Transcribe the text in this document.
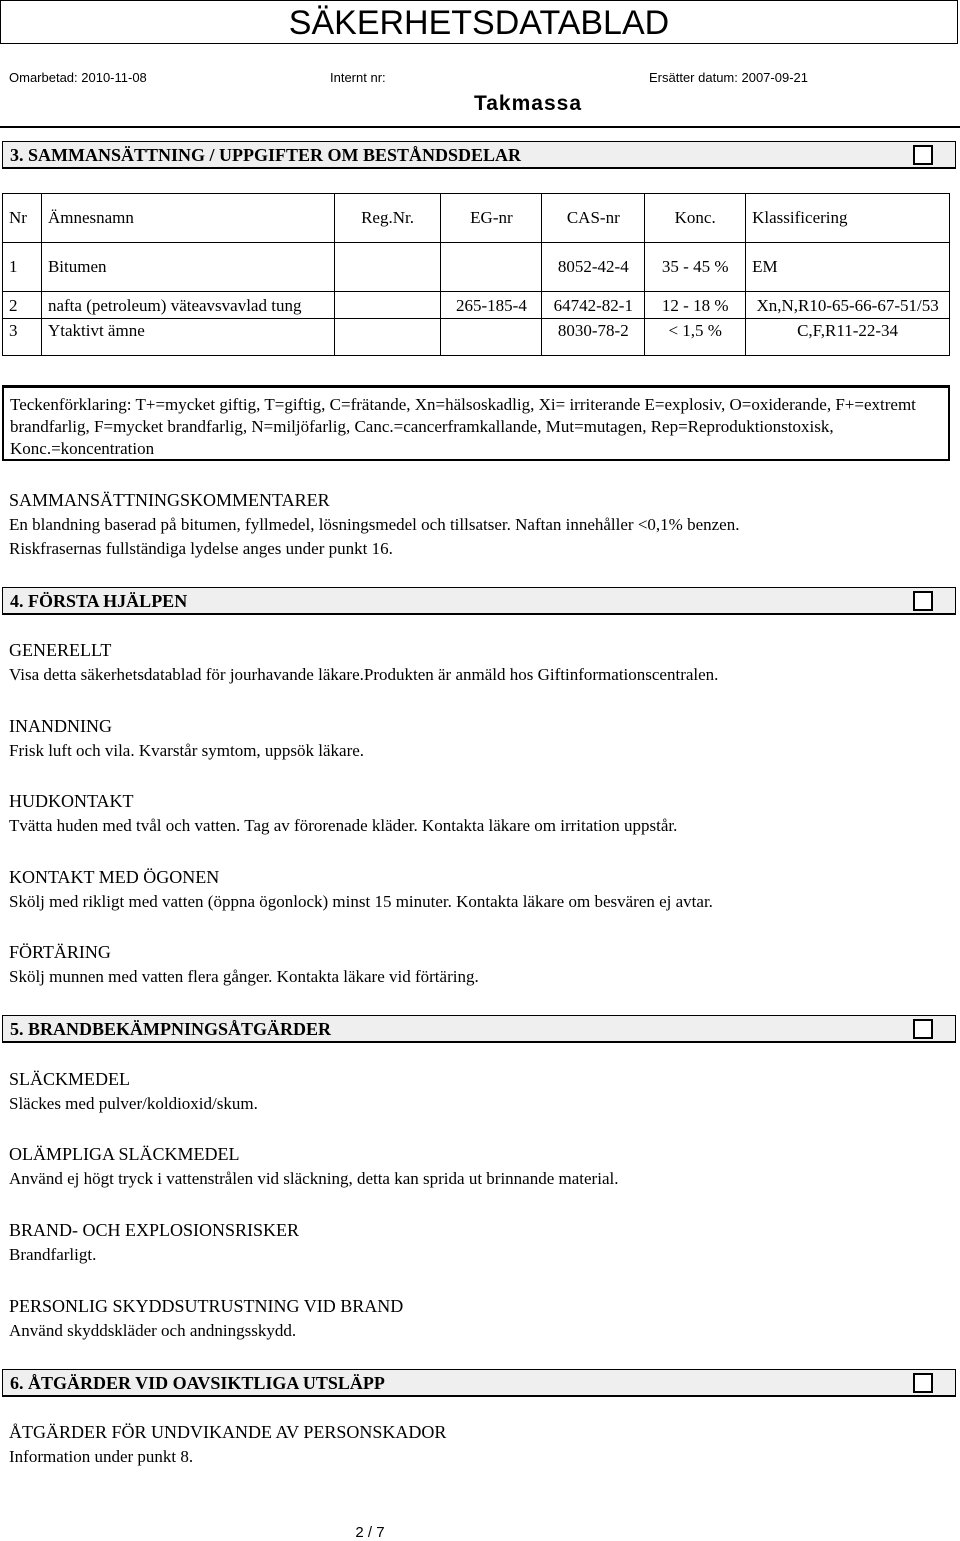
SÄKERHETSDATABLAD
Omarbetad: 2010-11-08	Internt nr:	Ersätter datum: 2007-09-21
Takmassa
3. SAMMANSÄTTNING / UPPGIFTER OM BESTÅNDSDELAR
Nr	Ämnesnamn	Reg.Nr.	EG-nr	CAS-nr	Konc.	Klassificering
1	Bitumen			8052-42-4	35 - 45 %	EM
2	nafta (petroleum) väteavsvavlad tung		265-185-4	64742-82-1	12 - 18 %	Xn,N,R10-65-66-67-51/53
3	Ytaktivt ämne			8030-78-2	< 1,5 %	C,F,R11-22-34
Teckenförklaring: T+=mycket giftig, T=giftig, C=frätande, Xn=hälsoskadlig, Xi= irriterande E=explosiv, O=oxiderande, F+=extremt brandfarlig, F=mycket brandfarlig, N=miljöfarlig, Canc.=cancerframkallande, Mut=mutagen, Rep=Reproduktionstoxisk, Konc.=koncentration
SAMMANSÄTTNINGSKOMMENTARER
En blandning baserad på bitumen, fyllmedel, lösningsmedel och tillsatser. Naftan innehåller <0,1% benzen.
Riskfrasernas fullständiga lydelse anges under punkt 16.
4. FÖRSTA HJÄLPEN
GENERELLT
Visa detta säkerhetsdatablad för jourhavande läkare.Produkten är anmäld hos Giftinformationscentralen.
INANDNING
Frisk luft och vila. Kvarstår symtom, uppsök läkare.
HUDKONTAKT
Tvätta huden med tvål och vatten. Tag av förorenade kläder. Kontakta läkare om irritation uppstår.
KONTAKT MED ÖGONEN
Skölj med rikligt med vatten (öppna ögonlock) minst 15 minuter. Kontakta läkare om besvären ej avtar.
FÖRTÄRING
Skölj munnen med vatten flera gånger. Kontakta läkare vid förtäring.
5. BRANDBEKÄMPNINGSÅTGÄRDER
SLÄCKMEDEL
Släckes med pulver/koldioxid/skum.
OLÄMPLIGA SLÄCKMEDEL
Använd ej högt tryck i vattenstrålen vid släckning, detta kan sprida ut brinnande material.
BRAND- OCH EXPLOSIONSRISKER
Brandfarligt.
PERSONLIG SKYDDSUTRUSTNING VID BRAND
Använd skyddskläder och andningsskydd.
6. ÅTGÄRDER VID OAVSIKTLIGA UTSLÄPP
ÅTGÄRDER FÖR UNDVIKANDE AV PERSONSKADOR
Information under punkt 8.
2 / 7
